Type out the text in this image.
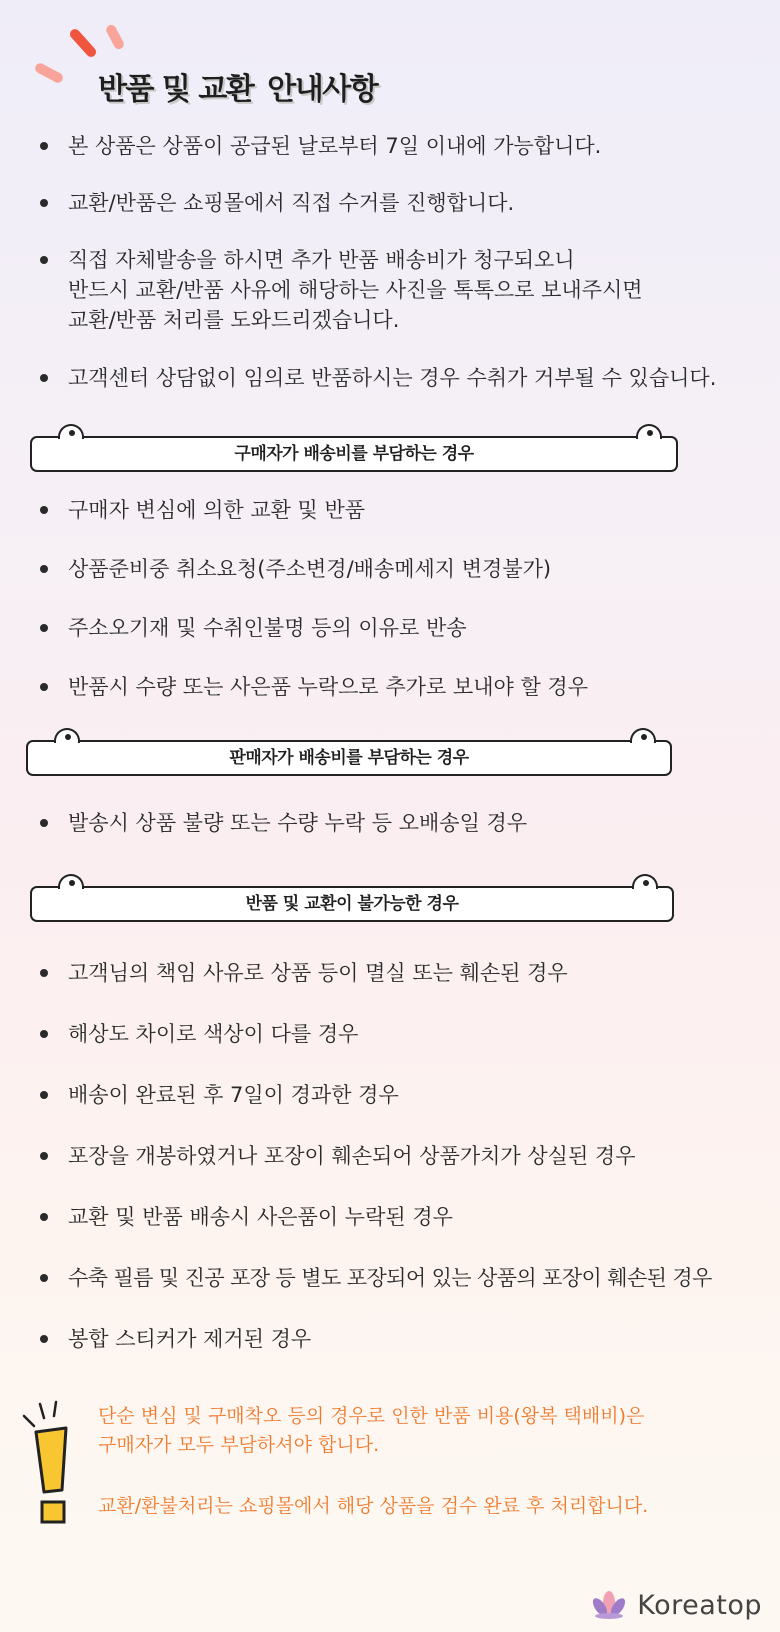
반품 및 교환 안내사항
본 상품은 상품이 공급된 날로부터 7일 이내에 가능합니다.
교환/반품은 쇼핑몰에서 직접 수거를 진행합니다.
직접 자체발송을 하시면 추가 반품 배송비가 청구되오니
반드시 교환/반품 사유에 해당하는 사진을 톡톡으로 보내주시면
교환/반품 처리를 도와드리겠습니다.
고객센터 상담없이 임의로 반품하시는 경우 수취가 거부될 수 있습니다.
구매자가 배송비를 부담하는 경우
구매자 변심에 의한 교환 및 반품
상품준비중 취소요청(주소변경/배송메세지 변경불가)
주소오기재 및 수취인불명 등의 이유로 반송
반품시 수량 또는 사은품 누락으로 추가로 보내야 할 경우
판매자가 배송비를 부담하는 경우
발송시 상품 불량 또는 수량 누락 등 오배송일 경우
반품 및 교환이 불가능한 경우
고객님의 책임 사유로 상품 등이 멸실 또는 훼손된 경우
해상도 차이로 색상이 다를 경우
배송이 완료된 후 7일이 경과한 경우
포장을 개봉하였거나 포장이 훼손되어 상품가치가 상실된 경우
교환 및 반품 배송시 사은품이 누락된 경우
수축 필름 및 진공 포장 등 별도 포장되어 있는 상품의 포장이 훼손된 경우
봉합 스티커가 제거된 경우
단순 변심 및 구매착오 등의 경우로 인한 반품 비용(왕복 택배비)은
구매자가 모두 부담하셔야 합니다.
교환/환불처리는 쇼핑몰에서 해당 상품을 검수 완료 후 처리합니다.
Koreatop
